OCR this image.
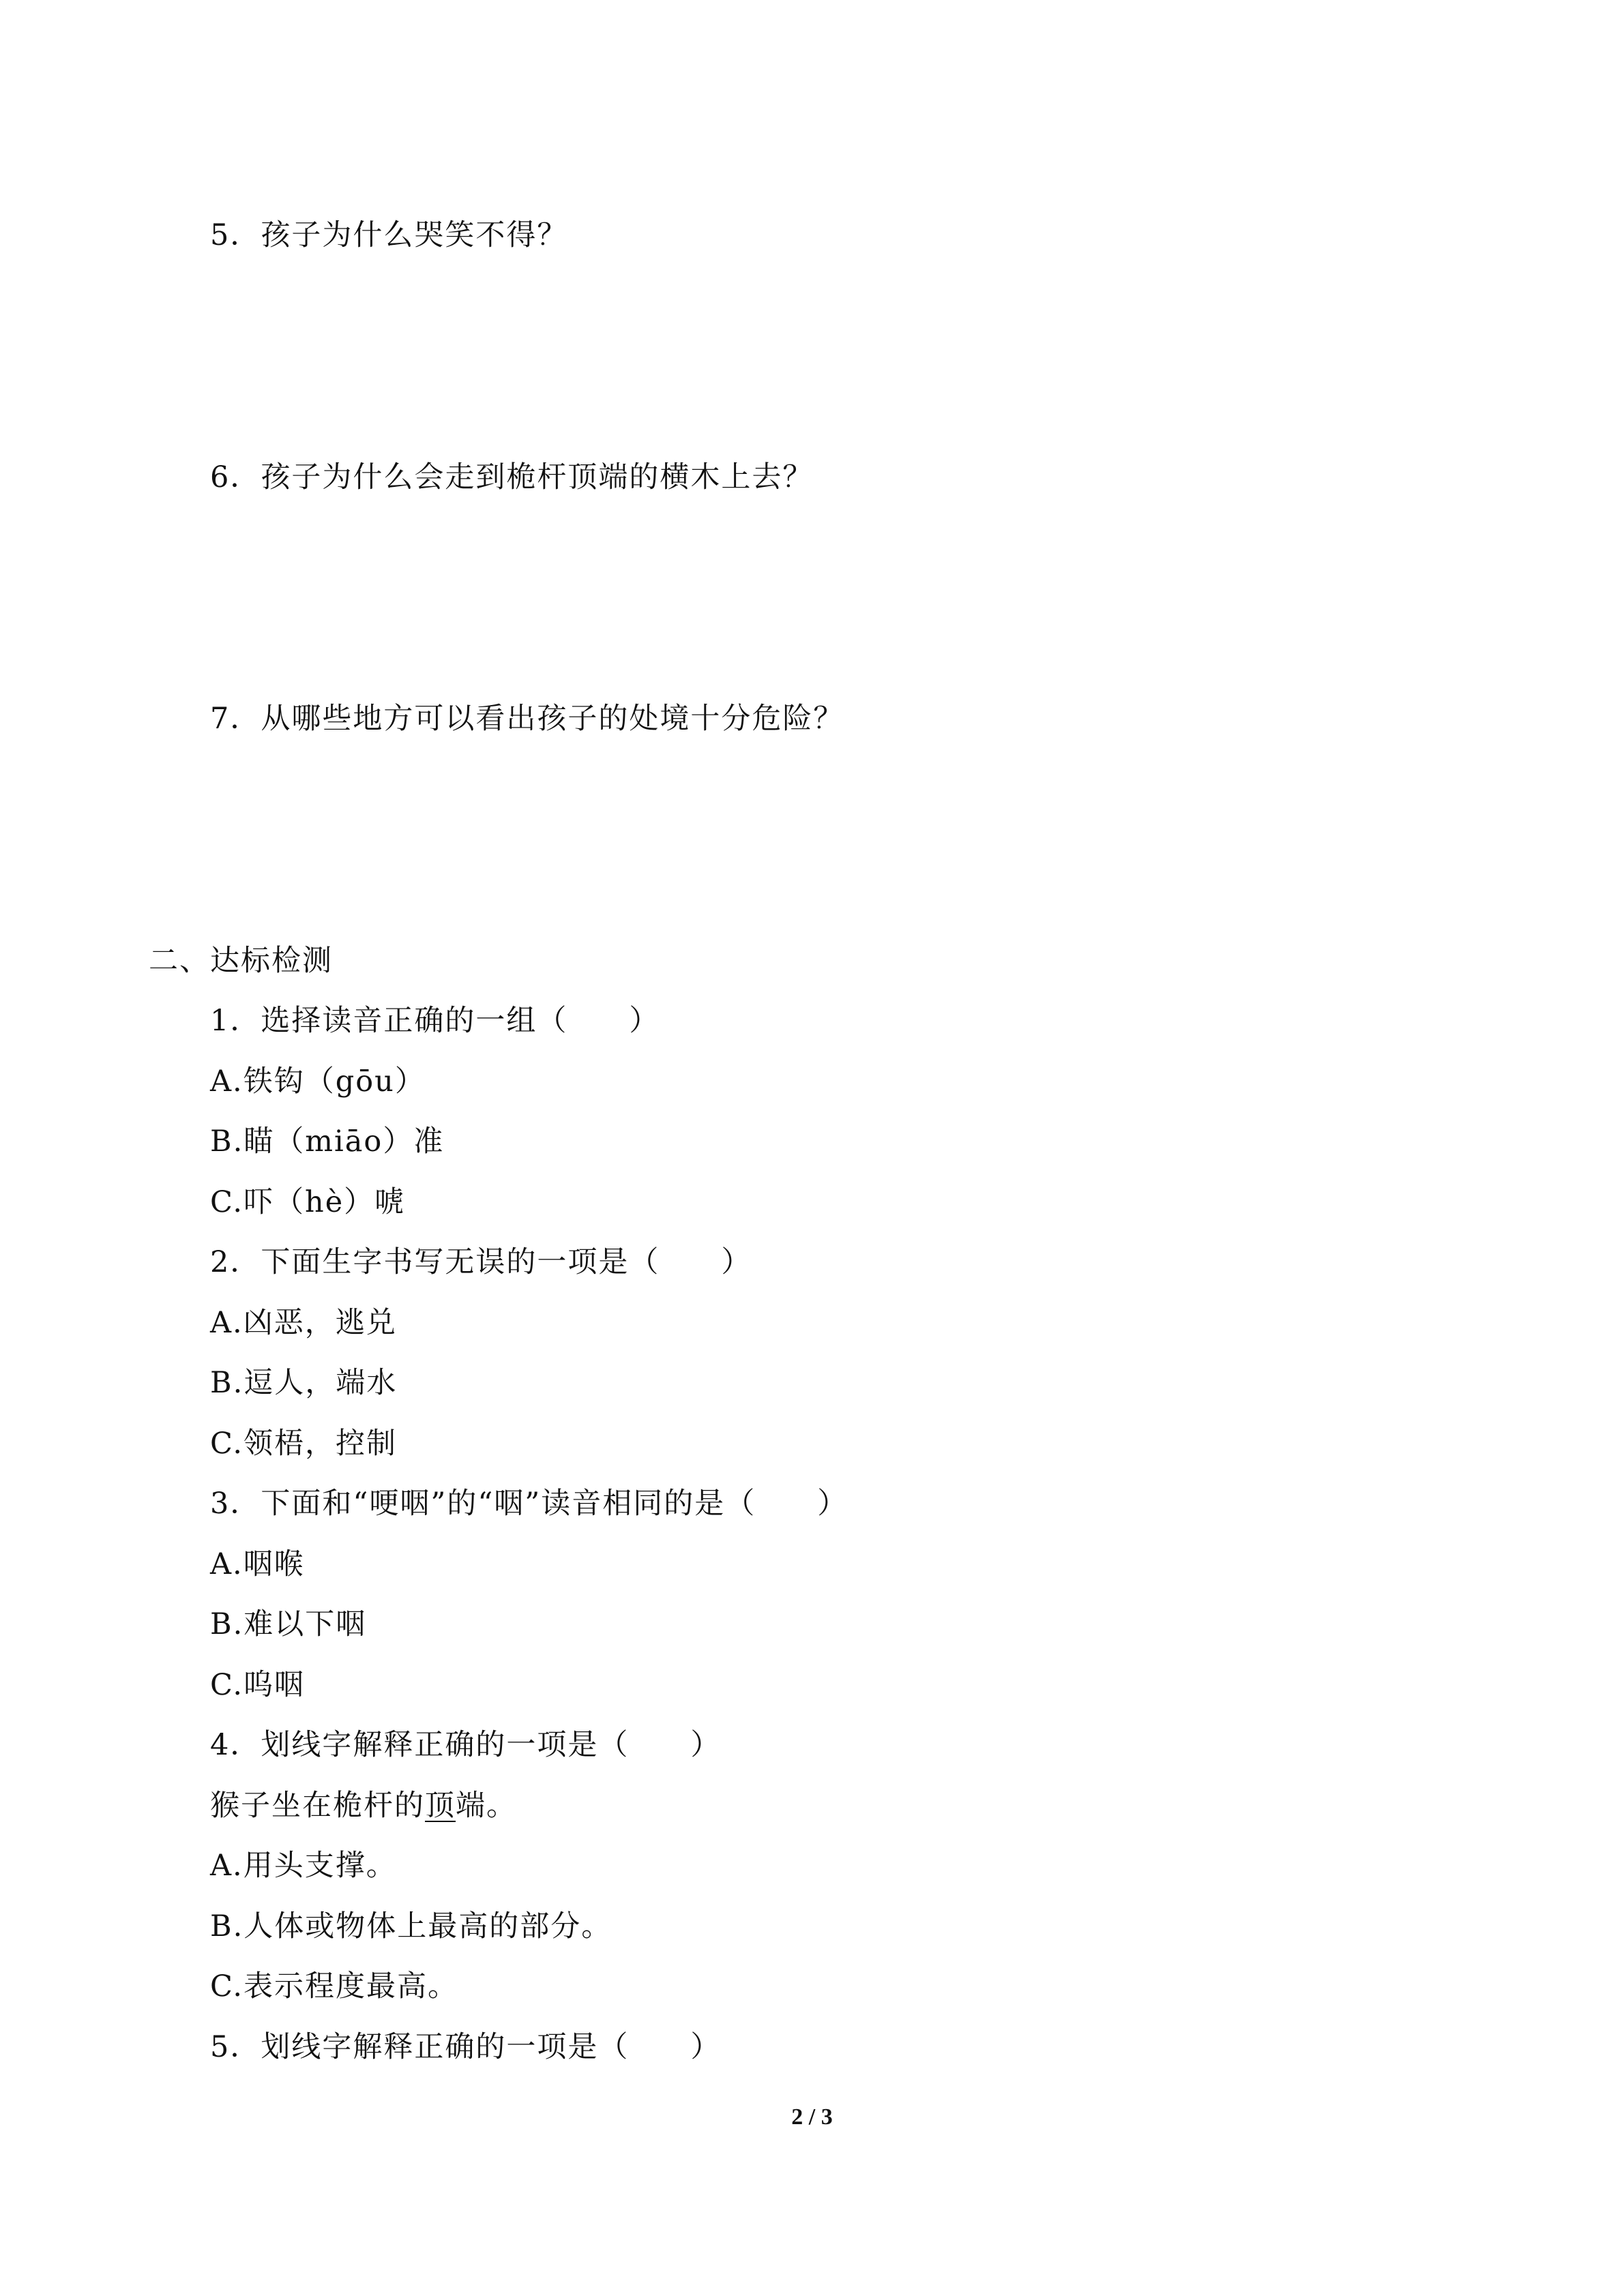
5．孩子为什么哭笑不得？
6．孩子为什么会走到桅杆顶端的横木上去？
7．从哪些地方可以看出孩子的处境十分危险？
二、达标检测
1．选择读音正确的一组（　　）
A.铁钩（gōu）
B.瞄（miāo）准
C.吓（hè）唬
2．下面生字书写无误的一项是（　　）
A.凶恶，逃兑
B.逗人，端水
C.领梧，控制
3．下面和“哽咽”的“咽”读音相同的是（　　）
A.咽喉
B.难以下咽
C.呜咽
4．划线字解释正确的一项是（　　）
猴子坐在桅杆的顶端。
A.用头支撑。
B.人体或物体上最高的部分。
C.表示程度最高。
5．划线字解释正确的一项是（　　）
2 / 3
